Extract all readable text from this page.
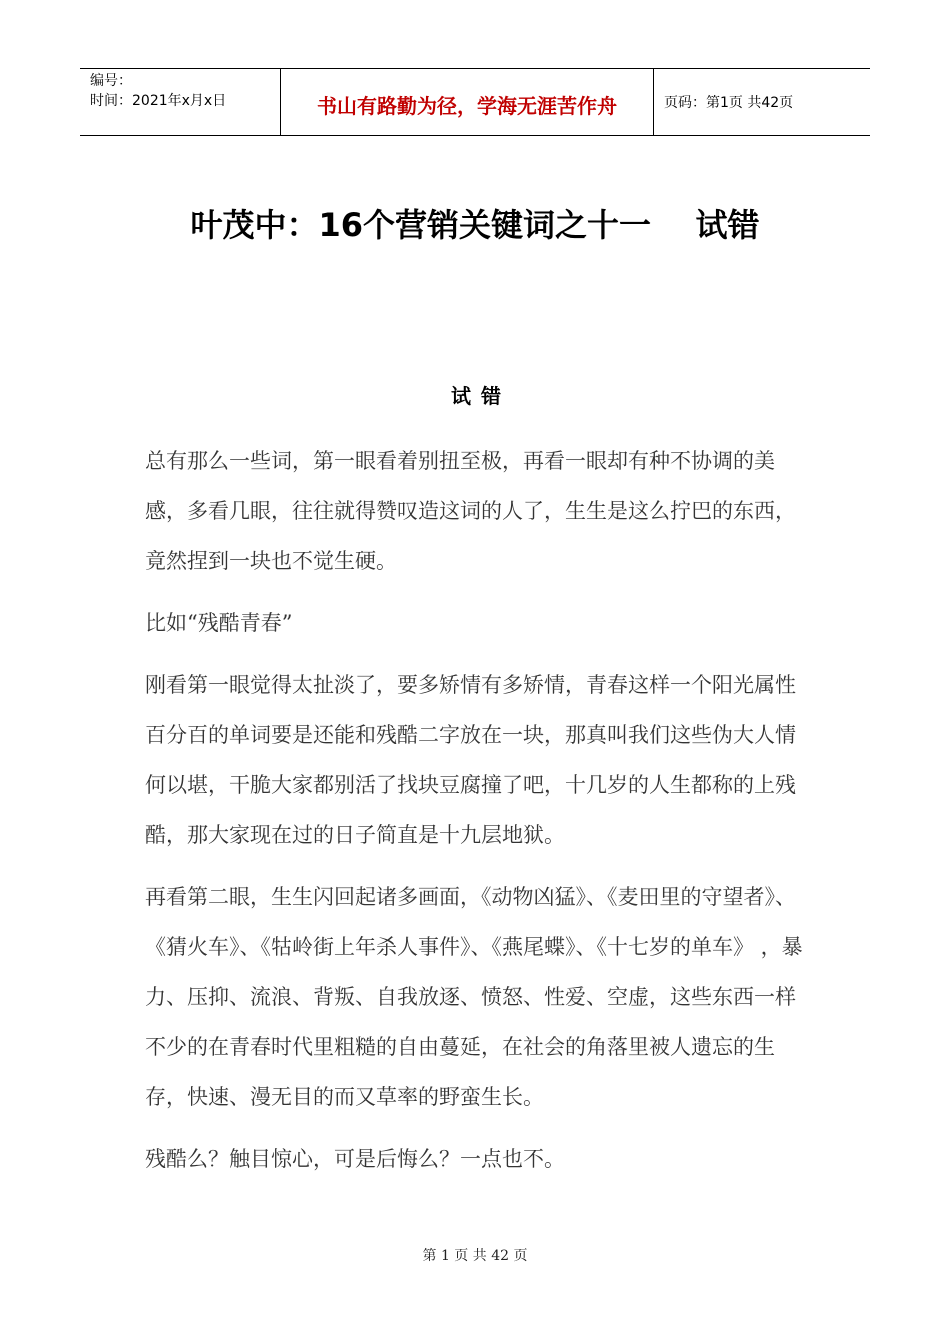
编号：
时间：2021年x月x日	书山有路勤为径，学海无涯苦作舟	页码：第1页 共42页
叶茂中：16个营销关键词之十一    试错
试错

总有那么一些词，第一眼看着别扭至极，再看一眼却有种不协调的美感，多看几眼，往往就得赞叹造这词的人了，生生是这么拧巴的东西，竟然捏到一块也不觉生硬。

比如“残酷青春”

刚看第一眼觉得太扯淡了，要多矫情有多矫情，青春这样一个阳光属性百分百的单词要是还能和残酷二字放在一块，那真叫我们这些伪大人情何以堪，干脆大家都别活了找块豆腐撞了吧，十几岁的人生都称的上残酷，那大家现在过的日子简直是十九层地狱。

再看第二眼，生生闪回起诸多画面，《动物凶猛》、《麦田里的守望者》、《猜火车》、《牯岭街上年杀人事件》、《燕尾蝶》、《十七岁的单车》 ，暴力、压抑、流浪、背叛、自我放逐、愤怒、性爱、空虚，这些东西一样不少的在青春时代里粗糙的自由蔓延，在社会的角落里被人遗忘的生存，快速、漫无目的而又草率的野蛮生长。

残酷么？触目惊心，可是后悔么？一点也不。

第 1 页 共 42 页
